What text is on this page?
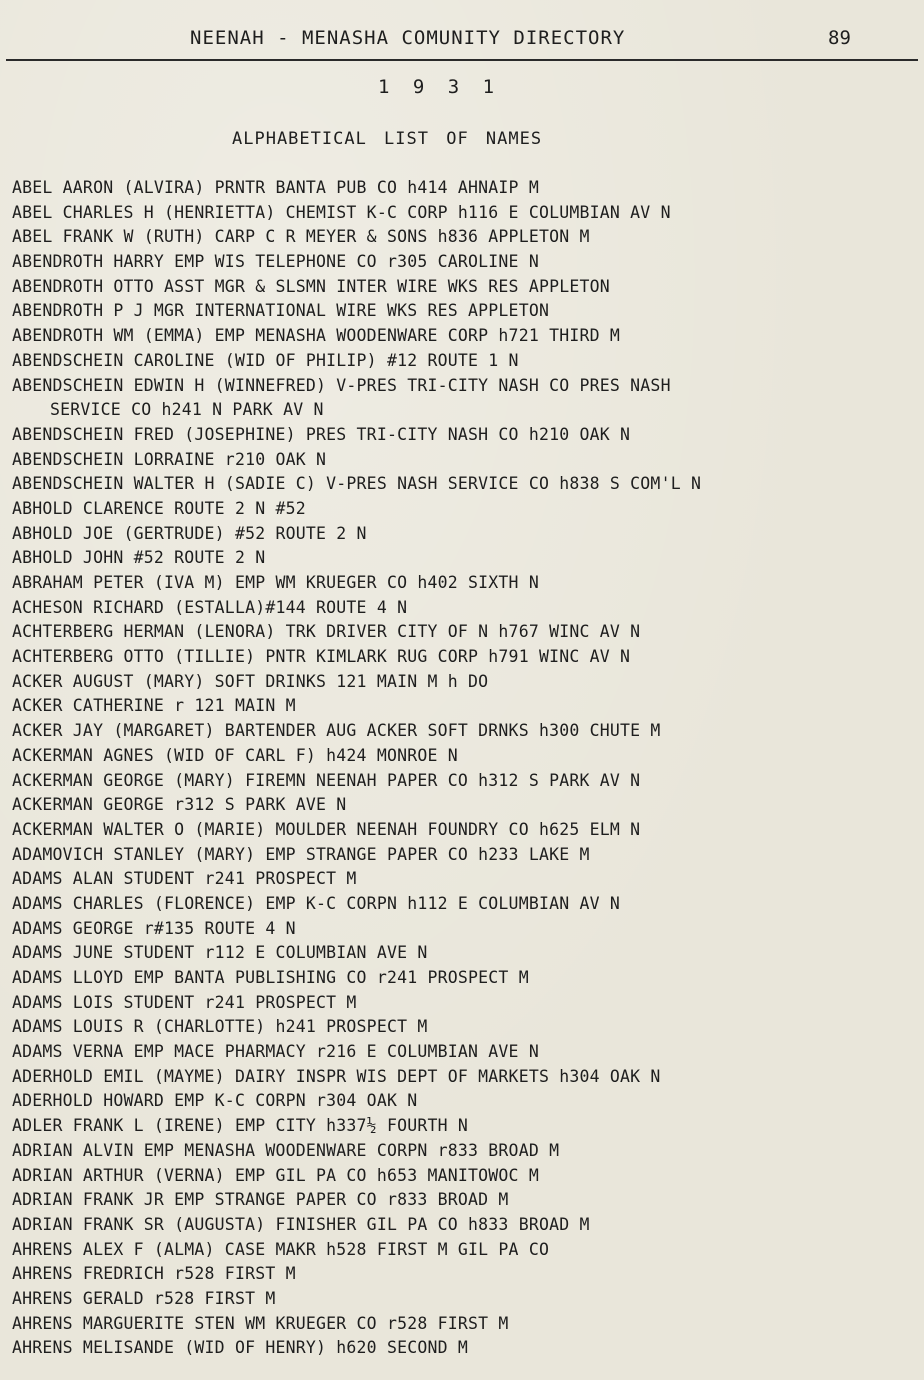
NEENAH - MENASHA COMUNITY DIRECTORY	89
1 9 3 1
ALPHABETICAL LIST OF NAMES
ABEL AARON (ALVIRA) PRNTR BANTA PUB CO h414 AHNAIP M
ABEL CHARLES H (HENRIETTA) CHEMIST K-C CORP h116 E COLUMBIAN AV N
ABEL FRANK W (RUTH) CARP C R MEYER & SONS h836 APPLETON M
ABENDROTH HARRY EMP WIS TELEPHONE CO r305 CAROLINE N
ABENDROTH OTTO ASST MGR & SLSMN INTER WIRE WKS RES APPLETON
ABENDROTH P J MGR INTERNATIONAL WIRE WKS RES APPLETON
ABENDROTH WM (EMMA) EMP MENASHA WOODENWARE CORP h721 THIRD M
ABENDSCHEIN CAROLINE (WID OF PHILIP) #12 ROUTE 1 N
ABENDSCHEIN EDWIN H (WINNEFRED) V-PRES TRI-CITY NASH CO PRES NASH
SERVICE CO h241 N PARK AV N
ABENDSCHEIN FRED (JOSEPHINE) PRES TRI-CITY NASH CO h210 OAK N
ABENDSCHEIN LORRAINE r210 OAK N
ABENDSCHEIN WALTER H (SADIE C) V-PRES NASH SERVICE CO h838 S COM'L N
ABHOLD CLARENCE ROUTE 2 N #52
ABHOLD JOE (GERTRUDE) #52 ROUTE 2 N
ABHOLD JOHN #52 ROUTE 2 N
ABRAHAM PETER (IVA M) EMP WM KRUEGER CO h402 SIXTH N
ACHESON RICHARD (ESTALLA)#144 ROUTE 4 N
ACHTERBERG HERMAN (LENORA) TRK DRIVER CITY OF N h767 WINC AV N
ACHTERBERG OTTO (TILLIE) PNTR KIMLARK RUG CORP h791 WINC AV N
ACKER AUGUST (MARY) SOFT DRINKS 121 MAIN M h DO
ACKER CATHERINE r 121 MAIN M
ACKER JAY (MARGARET) BARTENDER AUG ACKER SOFT DRNKS h300 CHUTE M
ACKERMAN AGNES (WID OF CARL F) h424 MONROE N
ACKERMAN GEORGE (MARY) FIREMN NEENAH PAPER CO h312 S PARK AV N
ACKERMAN GEORGE r312 S PARK AVE N
ACKERMAN WALTER O (MARIE) MOULDER NEENAH FOUNDRY CO h625 ELM N
ADAMOVICH STANLEY (MARY) EMP STRANGE PAPER CO h233 LAKE M
ADAMS ALAN STUDENT r241 PROSPECT M
ADAMS CHARLES (FLORENCE) EMP K-C CORPN h112 E COLUMBIAN AV N
ADAMS GEORGE r#135 ROUTE 4 N
ADAMS JUNE STUDENT r112 E COLUMBIAN AVE N
ADAMS LLOYD EMP BANTA PUBLISHING CO r241 PROSPECT M
ADAMS LOIS STUDENT r241 PROSPECT M
ADAMS LOUIS R (CHARLOTTE) h241 PROSPECT M
ADAMS VERNA EMP MACE PHARMACY r216 E COLUMBIAN AVE N
ADERHOLD EMIL (MAYME) DAIRY INSPR WIS DEPT OF MARKETS h304 OAK N
ADERHOLD HOWARD EMP K-C CORPN r304 OAK N
ADLER FRANK L (IRENE) EMP CITY h337½ FOURTH N
ADRIAN ALVIN EMP MENASHA WOODENWARE CORPN r833 BROAD M
ADRIAN ARTHUR (VERNA) EMP GIL PA CO h653 MANITOWOC M
ADRIAN FRANK JR EMP STRANGE PAPER CO r833 BROAD M
ADRIAN FRANK SR (AUGUSTA) FINISHER GIL PA CO h833 BROAD M
AHRENS ALEX F (ALMA) CASE MAKR h528 FIRST M GIL PA CO
AHRENS FREDRICH r528 FIRST M
AHRENS GERALD r528 FIRST M
AHRENS MARGUERITE STEN WM KRUEGER CO r528 FIRST M
AHRENS MELISANDE (WID OF HENRY) h620 SECOND M
